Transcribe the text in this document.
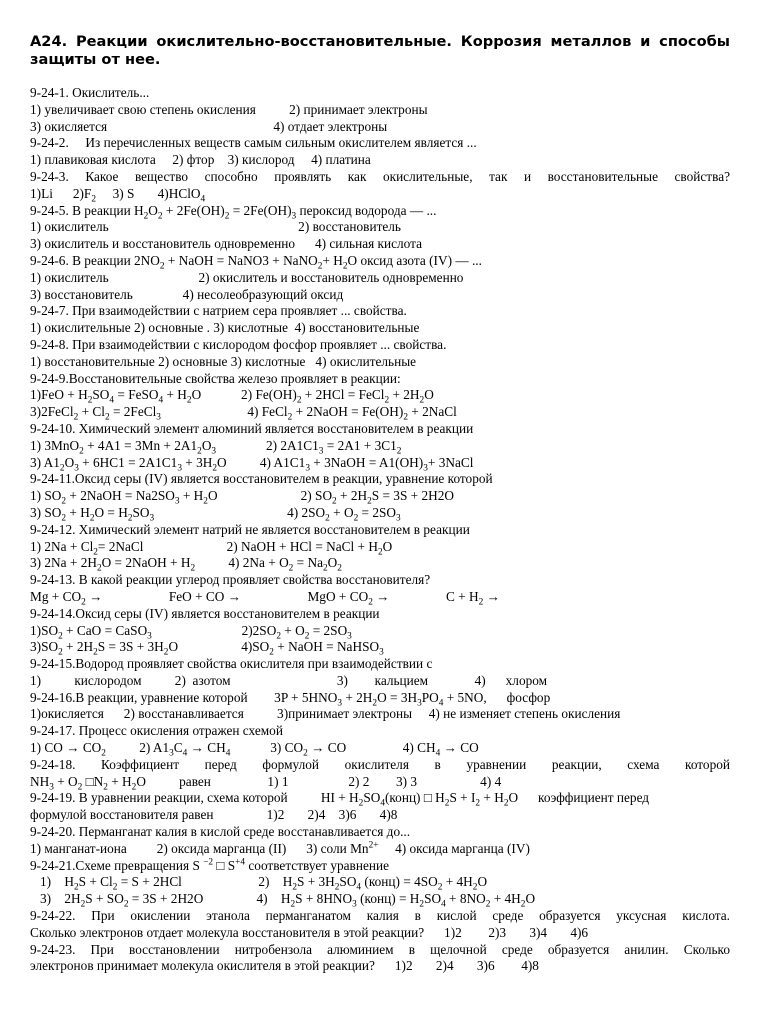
А24. Реакции окислительно-восстановительные. Коррозия металлов и способы защиты от нее.
9-24-1. Окислитель...
1) увеличивает свою степень окисления          2) принимает электроны
3) окисляется                                                  4) отдает электроны
9-24-2.     Из перечисленных веществ самым сильным окислителем является ...
1) плавиковая кислота     2) фтор    3) кислород     4) платина
9-24-3. Какое вещество способно проявлять как окислительные, так и восстановительные свойства?
1)Li      $2)F_2$     3) S       4)HClO$_4$
9-24-5. В реакции $H_2O_2 + 2Fe(OH)_2 = 2Fe(OH)_3$ пероксид водорода — ...
1) окислитель                                                         2) восстановитель
3) окислитель и восстановитель одновременно      4) сильная кислота
9-24-6. В реакции $2NO_2$ + NaOH = NaNO3 + NaNO$_2$+ $H_2O$ оксид азота (IV) — ...
1) окислитель                           2) окислитель и восстановитель одновременно
3) восстановитель               4) несолеобразующий оксид
9-24-7. При взаимодействии с натрием сера проявляет ... свойства.
1) окислительные 2) основные . 3) кислотные  4) восстановительные
9-24-8. При взаимодействии с кислородом фосфор проявляет ... свойства.
1) восстановительные 2) основные 3) кислотные   4) окислительные
9-24-9.Восстановительные свойства железо проявляет в реакции:
$1)FeO + H_2SO_4$ = FeSO$_4$ + $H_2O$            2) $Fe(OH)_2 + 2HCl$ = FeCl$_2$ + $2H_2O$
3)2FeCl$_2$ + $Cl_2$ = 2FeCl$_3$                          4) FeCl$_2$ + 2NaOH = $Fe(OH)_2$ + 2NaCl
9-24-10. Химический элемент алюминий является восстановителем в реакции
1) $3MnO_2 + 4A1 = 3Mn + 2A1_2O_3$               2) $2A1C1_3 = 2A1 + 3C1_2$
3) $A1_2O_3 + 6HC1 = 2A1C1_3 + 3H_2O$          4) $A1C1_3$ + 3NaOH = $A1(OH)_3+$ 3NaCl
9-24-11.Оксид серы (IV) является восстановителем в реакции, уравнение которой
1) $SO_2$ + 2NaOH = $Na2SO_3 + H_2O$                         2) $SO_2 + 2H_2S = 3S + 2H2O$
3) $SO_2 + H_2O = H_2SO_3$                                        4) $2SO_2 + O_2 = 2SO_3$
9-24-12. Химический элемент натрий не является восстановителем в реакции
1) $2Na + Cl_2=$ 2NaCl                         2) NaOH + HCl = NaCl + $H_2O$
3) $2Na + 2H_2O$ = 2NaOH + $H_2$          4) $2Na + O_2 = Na_2O_2$
9-24-13. В какой реакции углерод проявляет свойства восстановителя?
$Mg + CO_2$ →                    FeO + CO →                    MgO + $CO_2$ →                 $C + H_2$ →
9-24-14.Оксид серы (IV) является восстановителем в реакции
$1)SO_2$ + CaO = CaSO$_3$                           $2)2SO_2 + O_2 = 2SO_3$
$3)SO_2 + 2H_2S = 3S + 3H_2O$                   $4)SO_2$ + NaOH = NaHSO$_3$
9-24-15.Водород проявляет свойства окислителя при взаимодействии с
1)          кислородом          2)  азотом                                3)        кальцием              4)      хлором
9-24-16.В реакции, уравнение которой        $3P + 5HNO_3 + 2H_2O = 3H_3PO_4 + 5NO$,      фосфор
1)окисляется      2) восстанавливается          3)принимает электроны     4) не изменяет степень окисления
9-24-17. Процесс окисления отражен схемой
1) CO → $CO_2$          2) $A1_3C_4 \to CH_4$            3) $CO_2$ → CO                 4) $CH_4$ → CO
9-24-18. Коэффициент перед формулой окислителя в уравнении реакции, схема которой
$NH_3 + O_2$ $□N_2 + H_2O$          равен                 1) 1                  2) 2        3) 3                   4) 4
9-24-19. В уравнении реакции, схема которой          HI + $H_2SO_4(конц)$ □ $H_2S + I_2 + H_2O$      коэффициент перед
формулой восстановителя равен                1)2       2)4    3)6       4)8
9-24-20. Перманганат калия в кислой среде восстанавливается до...
1) манганат-иона         2) оксида марганца (II)      3) соли $Mn^{2+}$     4) оксида марганца (IV)
9-24-21.Схеме превращения S $^{-2}$ □ $S^{+4}$ соответствует уравнение
1)    $H_2S + Cl_2 = S + 2HCl$                       2)    $H_2S + 3H_2SO_4$ (конц) = $4SO_2 + 4H_2O$
3)    $2H_2S + SO_2 = 3S + 2H2O$                4)    $H_2S + 8HNO_3$ (конц) = $H_2SO_4 + 8NO_2 + 4H_2O$
9-24-22. При окислении этанола перманганатом калия в кислой среде образуется уксусная кислота.
Сколько электронов отдает молекула восстановителя в этой реакции?      1)2        2)3       3)4       4)6
9-24-23. При восстановлении нитробензола алюминием в щелочной среде образуется анилин. Сколько
электронов принимает молекула окислителя в этой реакции?      1)2       2)4       3)6        4)8
